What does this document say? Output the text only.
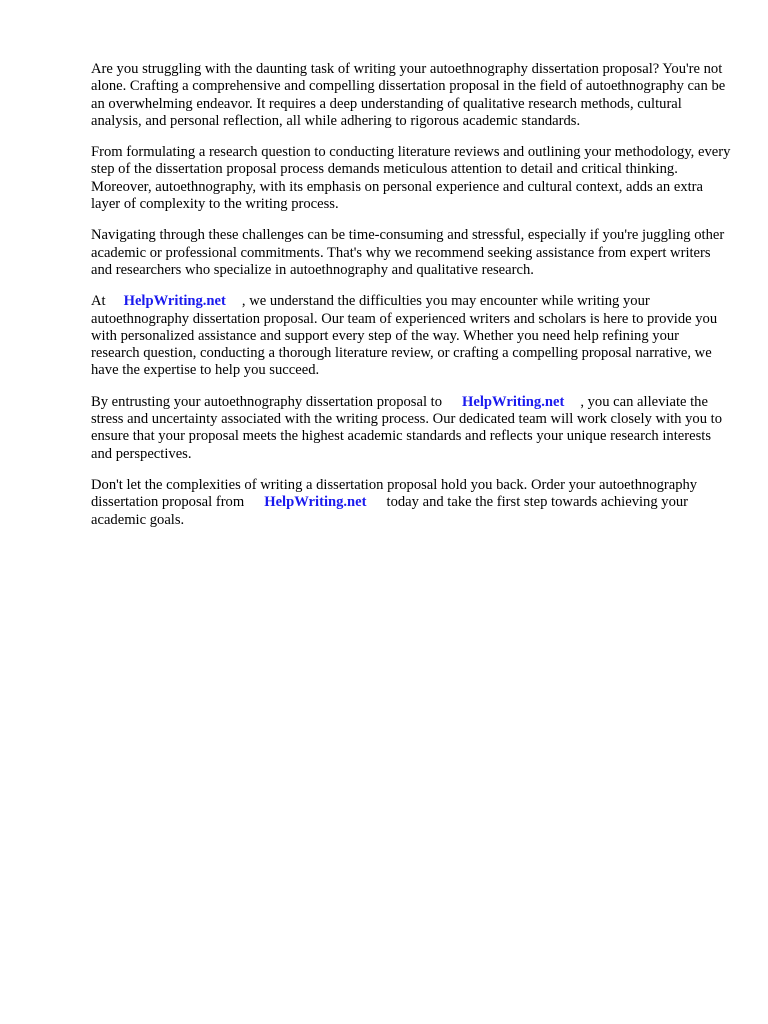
Are you struggling with the daunting task of writing your autoethnography dissertation proposal? You're not alone. Crafting a comprehensive and compelling dissertation proposal in the field of autoethnography can be an overwhelming endeavor. It requires a deep understanding of qualitative research methods, cultural analysis, and personal reflection, all while adhering to rigorous academic standards.

From formulating a research question to conducting literature reviews and outlining your methodology, every step of the dissertation proposal process demands meticulous attention to detail and critical thinking. Moreover, autoethnography, with its emphasis on personal experience and cultural context, adds an extra layer of complexity to the writing process.

Navigating through these challenges can be time-consuming and stressful, especially if you're juggling other academic or professional commitments. That's why we recommend seeking assistance from expert writers and researchers who specialize in autoethnography and qualitative research.

At HelpWriting.net , we understand the difficulties you may encounter while writing your autoethnography dissertation proposal. Our team of experienced writers and scholars is here to provide you with personalized assistance and support every step of the way. Whether you need help refining your research question, conducting a thorough literature review, or crafting a compelling proposal narrative, we have the expertise to help you succeed.

By entrusting your autoethnography dissertation proposal to HelpWriting.net , you can alleviate the stress and uncertainty associated with the writing process. Our dedicated team will work closely with you to ensure that your proposal meets the highest academic standards and reflects your unique research interests and perspectives.

Don't let the complexities of writing a dissertation proposal hold you back. Order your autoethnography dissertation proposal from HelpWriting.net today and take the first step towards achieving your academic goals.
